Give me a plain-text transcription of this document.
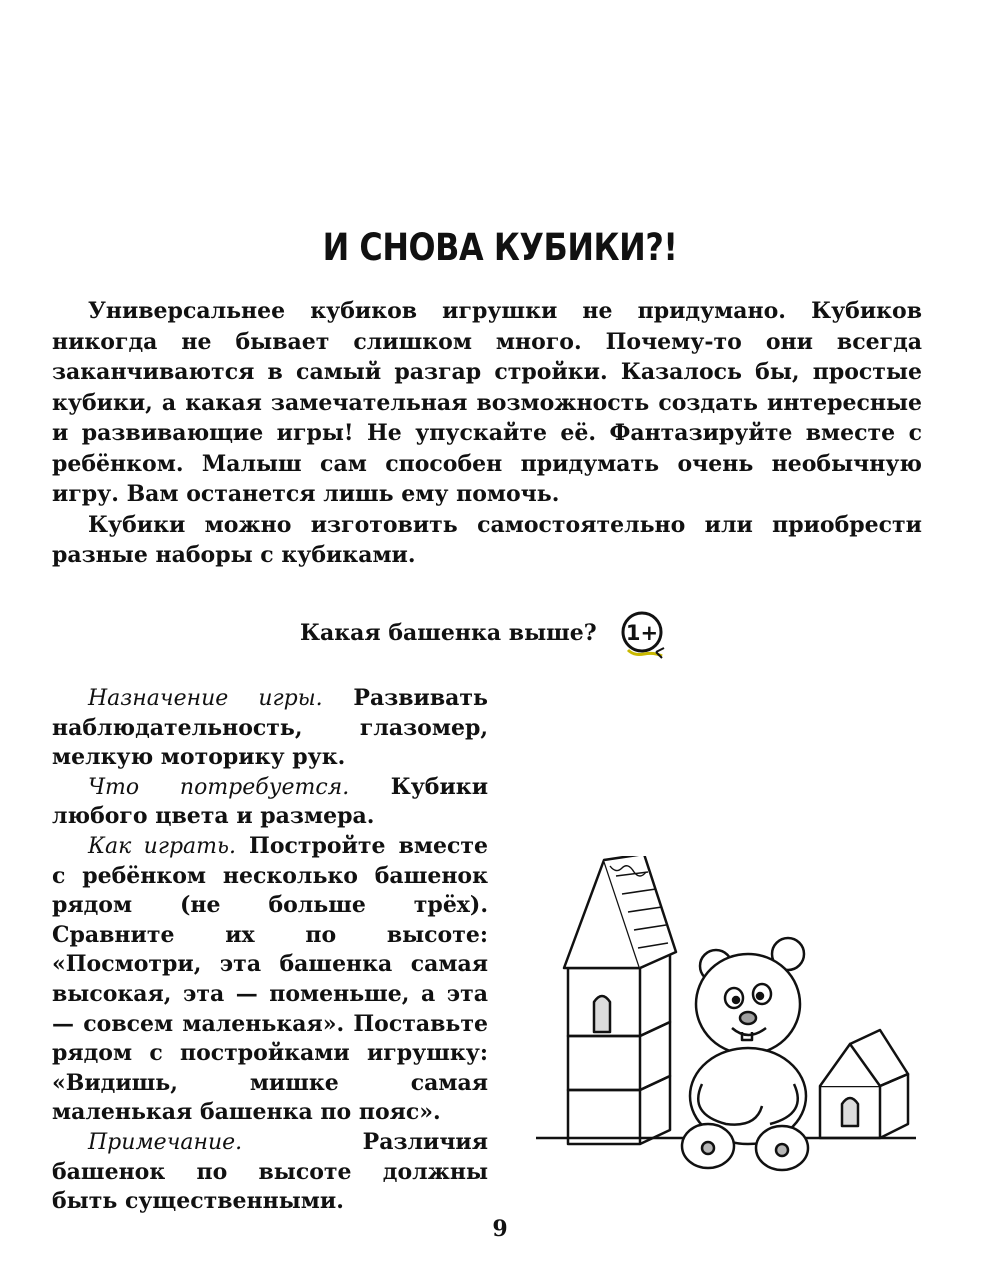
И СНОВА КУБИКИ?!

Универсальнее кубиков игрушки не придумано. Кубиков никогда не бывает слишком много. Почему-то они всегда заканчиваются в самый разгар стройки. Казалось бы, простые кубики, а какая замечательная возможность создать интересные и развивающие игры! Не упускайте её. Фантазируйте вместе с ребёнком. Малыш сам способен придумать очень необычную игру. Вам останется лишь ему помочь.

Кубики можно изготовить самостоятельно или приобрести разные наборы с кубиками.

Какая башенка выше? 1+

Назначение игры. Развивать наблюдательность, глазомер, мелкую моторику рук.

Что потребуется. Кубики любого цвета и размера.

Как играть. Постройте вместе с ребёнком несколько башенок рядом (не больше трёх). Сравните их по высоте: «Посмотри, эта башенка самая высокая, эта — поменьше, а эта — совсем маленькая». Поставьте рядом с постройками игрушку: «Видишь, мишке самая маленькая башенка по пояс».

Примечание. Различия башенок по высоте должны быть существенными.

9
